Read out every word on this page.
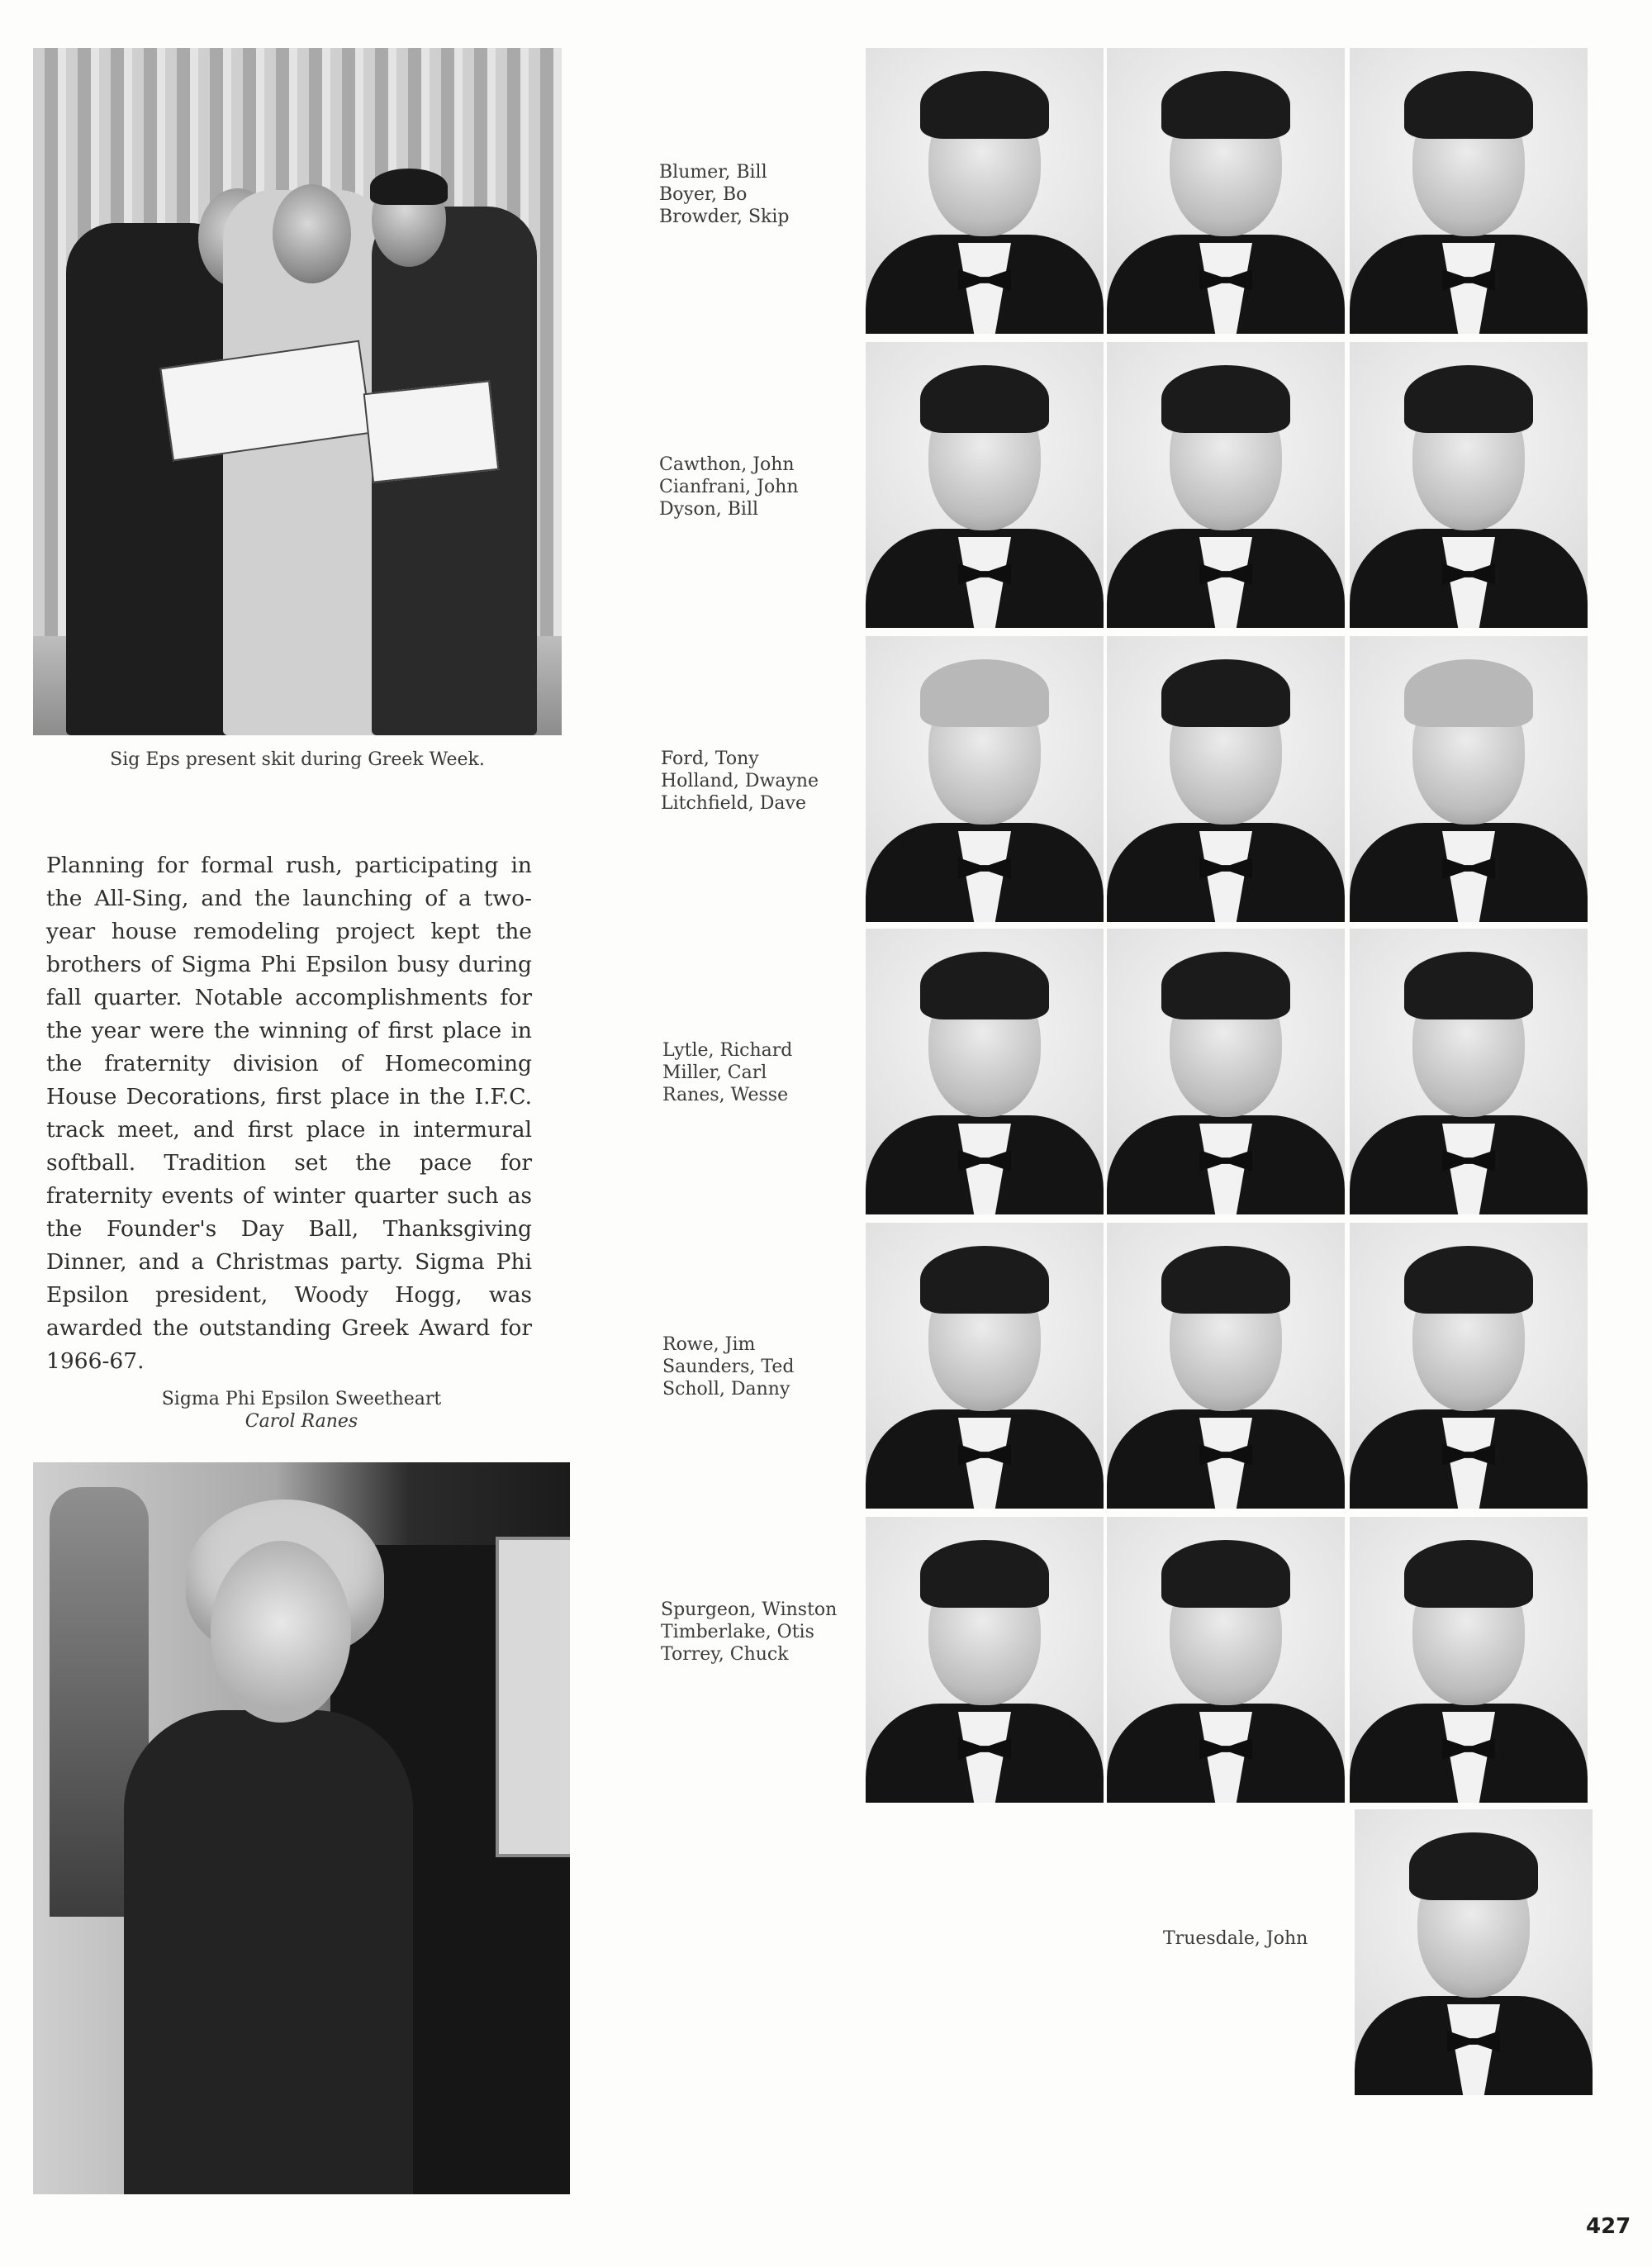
Sig Eps present skit during Greek Week.
Planning for formal rush, participating in the All-Sing, and the launching of a two-year house remodeling project kept the brothers of Sigma Phi Epsilon busy during fall quarter. Notable accomplishments for the year were the winning of first place in the fraternity division of Homecoming House Decorations, first place in the I.F.C. track meet, and first place in intermural softball. Tradition set the pace for fraternity events of winter quarter such as the Founder's Day Ball, Thanksgiving Dinner, and a Christmas party. Sigma Phi Epsilon president, Woody Hogg, was awarded the outstanding Greek Award for 1966-67.
Sigma Phi Epsilon Sweetheart
Carol Ranes
Blumer, Bill
Boyer, Bo
Browder, Skip
Cawthon, John
Cianfrani, John
Dyson, Bill
Ford, Tony
Holland, Dwayne
Litchfield, Dave
Lytle, Richard
Miller, Carl
Ranes, Wesse
Rowe, Jim
Saunders, Ted
Scholl, Danny
Spurgeon, Winston
Timberlake, Otis
Torrey, Chuck
Truesdale, John
427
